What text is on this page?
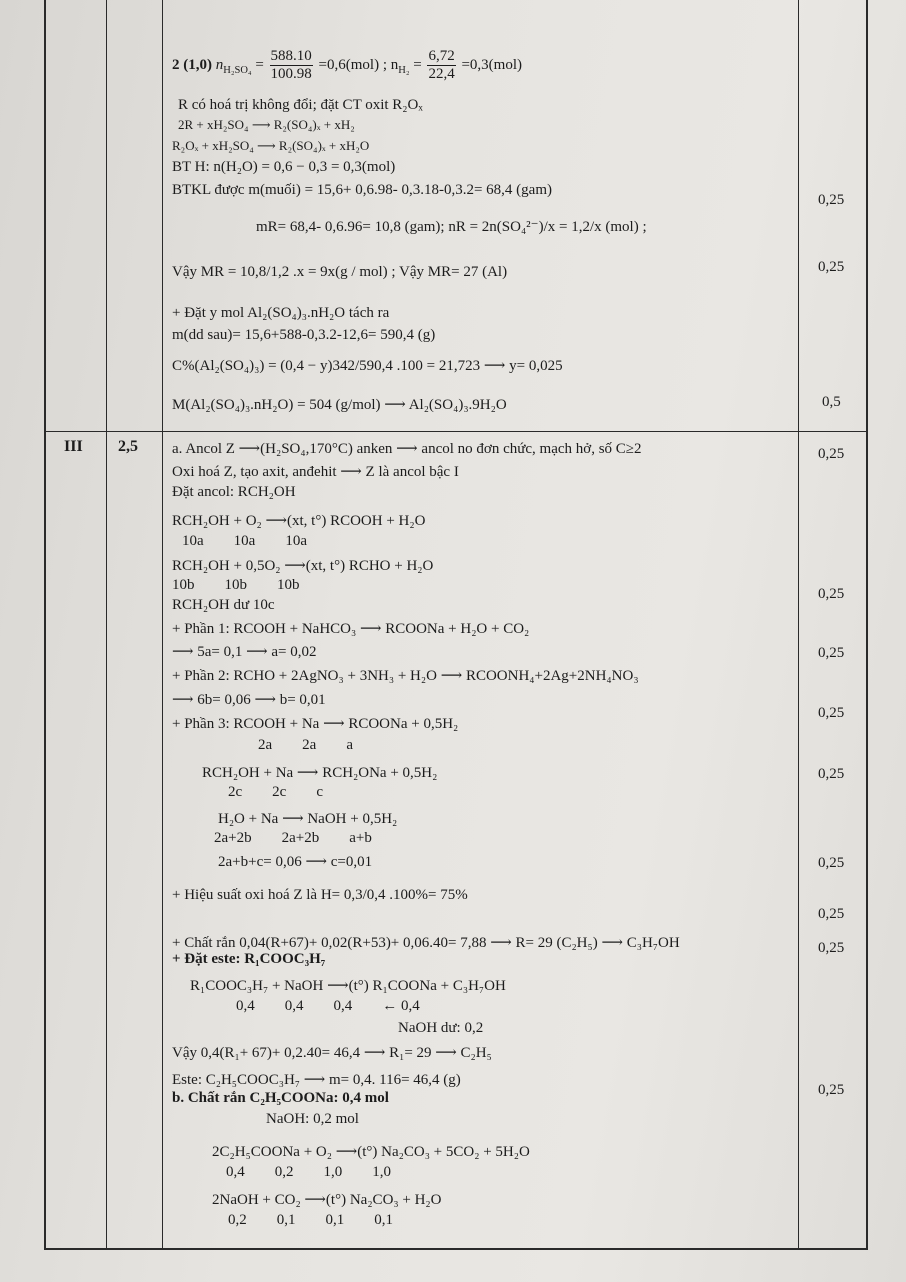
III 2,5
2 (1,0) $n_{H_2SO_4} = \frac{588.10}{100.98} =0,6(mol)$ ; $n_{H_2} = \frac{6,72}{22,4} =0,3(mol)$
R có hoá trị không đổi; đặt CT oxit R₂Oₓ
2R + xH₂SO₄ ⟶ R₂(SO₄)ₓ + xH₂
R₂Oₓ + xH₂SO₄ ⟶ R₂(SO₄)ₓ + xH₂O
BT H: n(H₂O) = 0,6 − 0,3 = 0,3(mol)
BTKL được m(muối) = 15,6+ 0,6.98- 0,3.18-0,3.2= 68,4 (gam)
mR= 68,4- 0,6.96= 10,8 (gam); nR = 2n(SO₄²⁻)/x = 1,2/x (mol) ;
Vậy MR = 10,8/1,2 .x = 9x(g / mol) ; Vậy MR= 27 (Al)
+ Đặt y mol Al₂(SO₄)₃.nH₂O tách ra
m(dd sau)= 15,6+588-0,3.2-12,6= 590,4 (g)
C%(Al₂(SO₄)₃) = (0,4 − y)342/590,4 .100 = 21,723 ⟶ y= 0,025
M(Al₂(SO₄)₃.nH₂O) = 504 (g/mol) ⟶ Al₂(SO₄)₃.9H₂O
a. Ancol Z ⟶(H₂SO₄,170°C) anken ⟶ ancol no đơn chức, mạch hở, số C≥2
Oxi hoá Z, tạo axit, anđehit ⟶ Z là ancol bậc I
Đặt ancol: RCH₂OH
RCH₂OH + O₂ ⟶(xt, t°) RCOOH + H₂O
10a        10a        10a
RCH₂OH + 0,5O₂ ⟶(xt, t°) RCHO + H₂O
10b        10b        10b
RCH₂OH dư 10c
+ Phần 1: RCOOH + NaHCO₃ ⟶ RCOONa + H₂O + CO₂
⟶ 5a= 0,1 ⟶ a= 0,02
+ Phần 2: RCHO + 2AgNO₃ + 3NH₃ + H₂O ⟶ RCOONH₄+2Ag+2NH₄NO₃
⟶ 6b= 0,06 ⟶ b= 0,01
+ Phần 3: RCOOH + Na ⟶ RCOONa + 0,5H₂
2a        2a        a
RCH₂OH + Na ⟶ RCH₂ONa + 0,5H₂
2c        2c        c
H₂O + Na ⟶ NaOH + 0,5H₂
2a+2b        2a+2b        a+b
2a+b+c= 0,06 ⟶ c=0,01
+ Hiệu suất oxi hoá Z là H= 0,3/0,4 .100%= 75%
+ Chất rắn 0,04(R+67)+ 0,02(R+53)+ 0,06.40= 7,88 ⟶ R= 29 (C₂H₅) ⟶ C₃H₇OH
+ Đặt este: R₁COOC₃H₇
R₁COOC₃H₇ + NaOH ⟶(t°) R₁COONa + C₃H₇OH
0,4        0,4        0,4        ← 0,4
NaOH dư: 0,2
Vậy 0,4(R₁+ 67)+ 0,2.40= 46,4 ⟶ R₁= 29 ⟶ C₂H₅
Este: C₂H₅COOC₃H₇ ⟶ m= 0,4. 116= 46,4 (g)
b. Chất rắn C₂H₅COONa: 0,4 mol
NaOH: 0,2 mol
2C₂H₅COONa + O₂ ⟶(t°) Na₂CO₃ + 5CO₂ + 5H₂O
0,4        0,2        1,0        1,0
2NaOH + CO₂ ⟶(t°) Na₂CO₃ + H₂O
0,2        0,1        0,1        0,1
0,25
0,25
0,5
0,25
0,25
0,25
0,25
0,25
0,25
0,25
0,25
0,25
